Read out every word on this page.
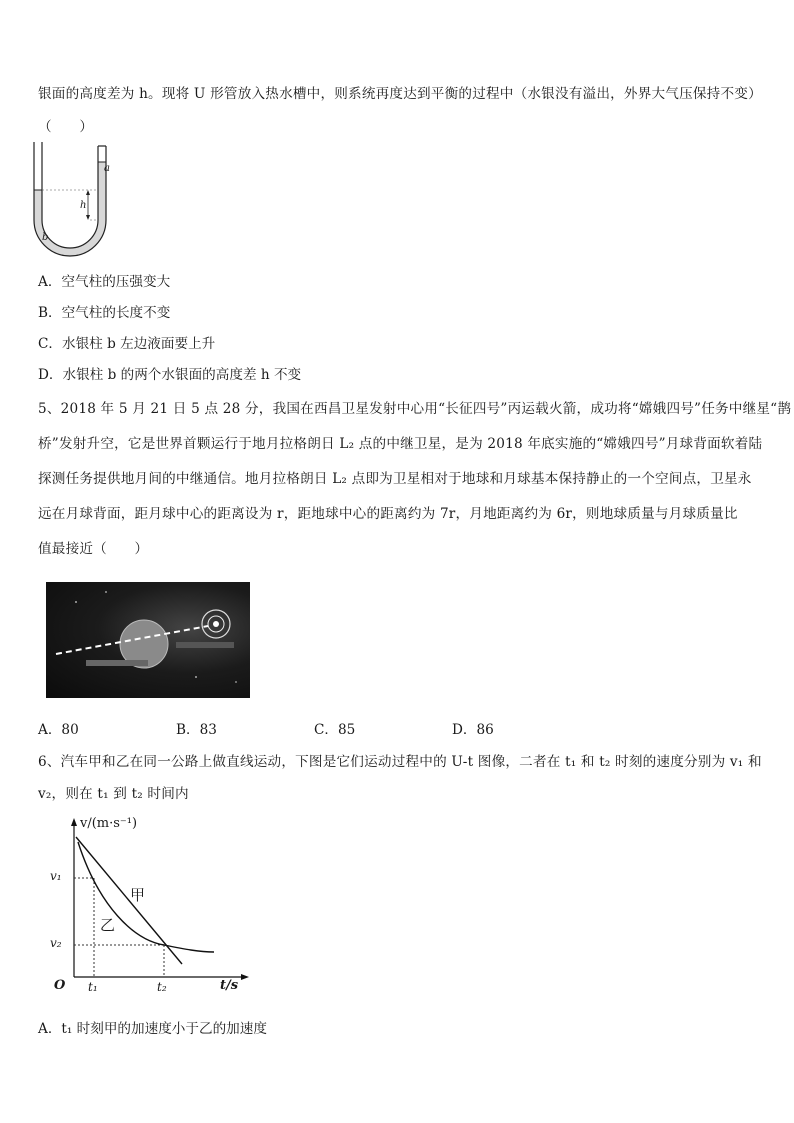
银面的高度差为 h。现将 U 形管放入热水槽中，则系统再度达到平衡的过程中（水银没有溢出，外界大气压保持不变）
（　　）
h
a
b
A．空气柱的压强变大
B．空气柱的长度不变
C．水银柱 b 左边液面要上升
D．水银柱 b 的两个水银面的高度差 h 不变
5、2018 年 5 月 21 日 5 点 28 分，我国在西昌卫星发射中心用“长征四号”丙运载火箭，成功将“嫦娥四号”任务中继星“鹊
桥”发射升空，它是世界首颗运行于地月拉格朗日 L₂ 点的中继卫星，是为 2018 年底实施的“嫦娥四号”月球背面软着陆
探测任务提供地月间的中继通信。地月拉格朗日 L₂ 点即为卫星相对于地球和月球基本保持静止的一个空间点，卫星永
远在月球背面，距月球中心的距离设为 r，距地球中心的距离约为 7r，月地距离约为 6r，则地球质量与月球质量比
值最接近（　　）
A．80	B．83	C．85	D．86
6、汽车甲和乙在同一公路上做直线运动，下图是它们运动过程中的 U-t 图像，二者在 t₁ 和 t₂ 时刻的速度分别为 v₁ 和
v₂，则在 t₁ 到 t₂ 时间内
v/(m·s⁻¹)
t/s
O
v₁
v₂
t₁	t₂
甲
乙
A．t₁ 时刻甲的加速度小于乙的加速度
